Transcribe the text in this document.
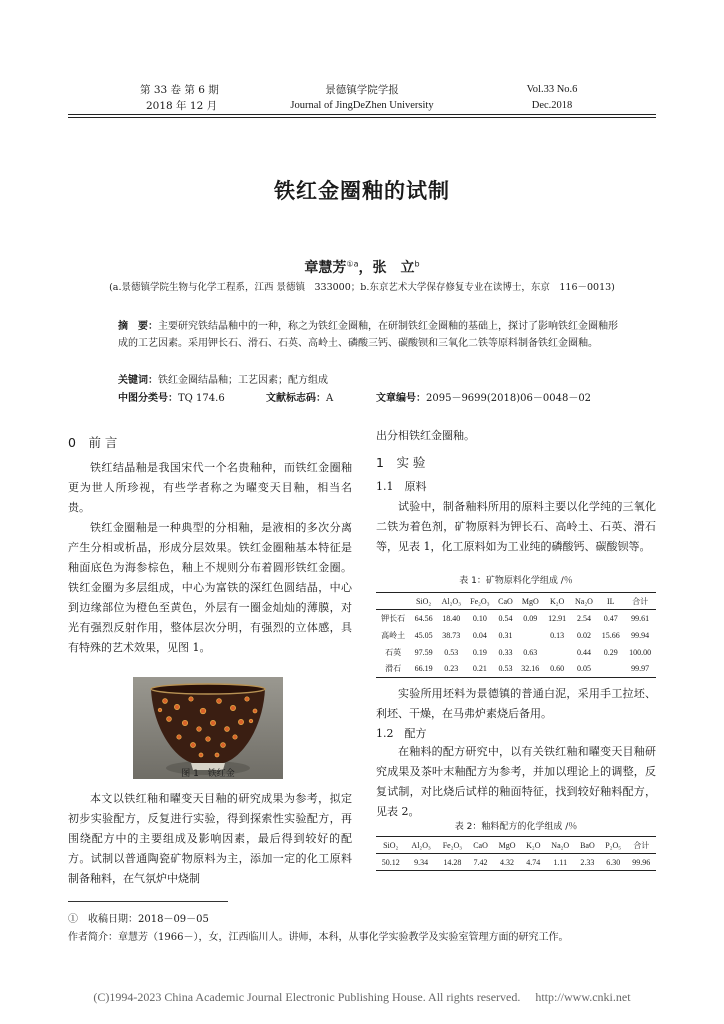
第 33 卷 第 6 期
2018 年 12 月
景德镇学院学报
Journal of JingDeZhen University
Vol.33 No.6
Dec.2018
铁红金圈釉的试制
章慧芳$^{①a}$，张　立$^b$
(a.景德镇学院生物与化学工程系，江西 景德镇　333000；b.东京艺术大学保存修复专业在读博士，东京　116－0013)
摘　要：主要研究铁结晶釉中的一种，称之为铁红金圈釉，在研制铁红金圈釉的基础上，探讨了影响铁红金圈釉形成的工艺因素。采用钾长石、滑石、石英、高岭土、磷酸三钙、碳酸钡和三氧化二铁等原料制备铁红金圈釉。
关键词：铁红金圈结晶釉；工艺因素；配方组成
中图分类号：TQ 174.6	文献标志码：A	文章编号：2095－9699(2018)06－0048－02
0　前 言
铁红结晶釉是我国宋代一个名贵釉种，而铁红金圈釉更为世人所珍视，有些学者称之为曜变天目釉，相当名贵。
铁红金圈釉是一种典型的分相釉，是液相的多次分离产生分相或析晶，形成分层效果。铁红金圈釉基本特征是釉面底色为海参棕色，釉上不规则分布着圆形铁红金圈。铁红金圈为多层组成，中心为富铁的深红色圆结晶，中心到边缘部位为橙色至黄色，外层有一圈金灿灿的薄膜，对光有强烈反射作用，整体层次分明，有强烈的立体感，具有特殊的艺术效果，见图 1。
图 1　铁红金
本文以铁红釉和曜变天目釉的研究成果为参考，拟定初步实验配方，反复进行实验，得到探索性实验配方，再围绕配方中的主要组成及影响因素，最后得到较好的配方。试制以普通陶瓷矿物原料为主，添加一定的化工原料制备釉料，在气氛炉中烧制
出分相铁红金圈釉。
1　实 验
1.1　原料
试验中，制备釉料所用的原料主要以化学纯的三氧化二铁为着色剂，矿物原料为钾长石、高岭土、石英、滑石等，见表 1，化工原料如为工业纯的磷酸钙、碳酸钡等。
表 1：矿物原料化学组成 /％
	SiO₂	Al₂O₃	Fe₂O₃	CaO	MgO	K₂O	Na₂O	IL	合计
钾长石	64.56	18.40	0.10	0.54	0.09	12.91	2.54	0.47	99.61
高岭土	45.05	38.73	0.04	0.31		0.13	0.02	15.66	99.94
石英	97.59	0.53	0.19	0.33	0.63		0.44	0.29	100.00
滑石	66.19	0.23	0.21	0.53	32.16	0.60	0.05		99.97
实验所用坯料为景德镇的普通白泥，采用手工拉坯、利坯、干燥，在马弗炉素烧后备用。
1.2　配方
在釉料的配方研究中，以有关铁红釉和曜变天目釉研究成果及茶叶末釉配方为参考，并加以理论上的调整，反复试制，对比烧后试样的釉面特征，找到较好釉料配方，见表 2。
表 2：釉料配方的化学组成 /％
SiO₂	Al₂O₃	Fe₂O₃	CaO	MgO	K₂O	Na₂O	BaO	P₂O₅	合计
50.12	9.34	14.28	7.42	4.32	4.74	1.11	2.33	6.30	99.96
①　收稿日期：2018－09－05
作者简介：章慧芳（1966－），女，江西临川人。讲师，本科，从事化学实验教学及实验室管理方面的研究工作。
(C)1994-2023 China Academic Journal Electronic Publishing House. All rights reserved.　 http://www.cnki.net
